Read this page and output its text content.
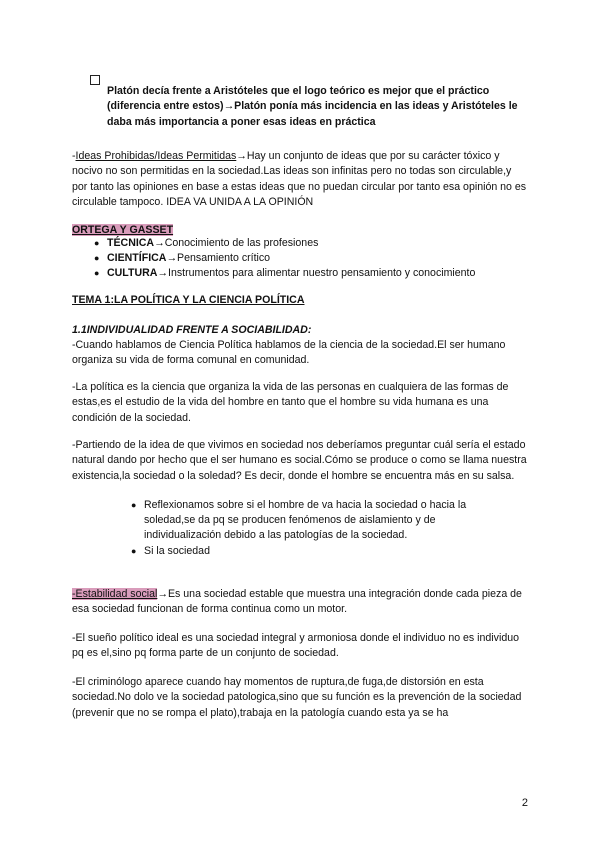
Platón decía frente a Aristóteles que el logo teórico es mejor que el práctico (diferencia entre estos)→Platón ponía más incidencia en las ideas y Aristóteles le daba más importancia a poner esas ideas en práctica

-Ideas Prohibidas/Ideas Permitidas→Hay un conjunto de ideas que por su carácter tóxico y nocivo no son permitidas en la sociedad.Las ideas son infinitas pero no todas son circulable,y por tanto las opiniones en base a estas ideas que no puedan circular por tanto esa opinión no es circulable tampoco. IDEA VA UNIDA A LA OPINIÓN

ORTEGA Y GASSET
● TÉCNICA→Conocimiento de las profesiones
● CIENTÍFICA→Pensamiento crítico
● CULTURA→Instrumentos para alimentar nuestro pensamiento y conocimiento

TEMA 1:LA POLÍTICA Y LA CIENCIA POLÍTICA

1.1INDIVIDUALIDAD FRENTE A SOCIABILIDAD:

-Cuando hablamos de Ciencia Política hablamos de la ciencia de la sociedad.El ser humano organiza su vida de forma comunal en comunidad.

-La política es la ciencia que organiza la vida de las personas en cualquiera de las formas de estas,es el estudio de la vida del hombre en tanto que el hombre su vida humana es una condición de la sociedad.

-Partiendo de la idea de que vivimos en sociedad nos deberíamos preguntar cuál sería el estado natural dando por hecho que el ser humano es social.Cómo se produce o como se llama nuestra existencia,la sociedad o la soledad? Es decir, donde el hombre se encuentra más en su salsa.

● Reflexionamos sobre si el hombre de va hacia la sociedad o hacia la soledad,se da pq se producen fenómenos de aislamiento y de individualización debido a las patologías de la sociedad.
● Si la sociedad

-Estabilidad social→Es una sociedad estable que muestra una integración donde cada pieza de esa sociedad funcionan de forma continua como un motor.

-El sueño político ideal es una sociedad integral y armoniosa donde el individuo no es individuo pq es el,sino pq forma parte de un conjunto de sociedad.

-El criminólogo aparece cuando hay momentos de ruptura,de fuga,de distorsión en esta sociedad.No dolo ve la sociedad patologica,sino que su función es la prevención de la sociedad (prevenir que no se rompa el plato),trabaja en la patología cuando esta ya se ha

2
